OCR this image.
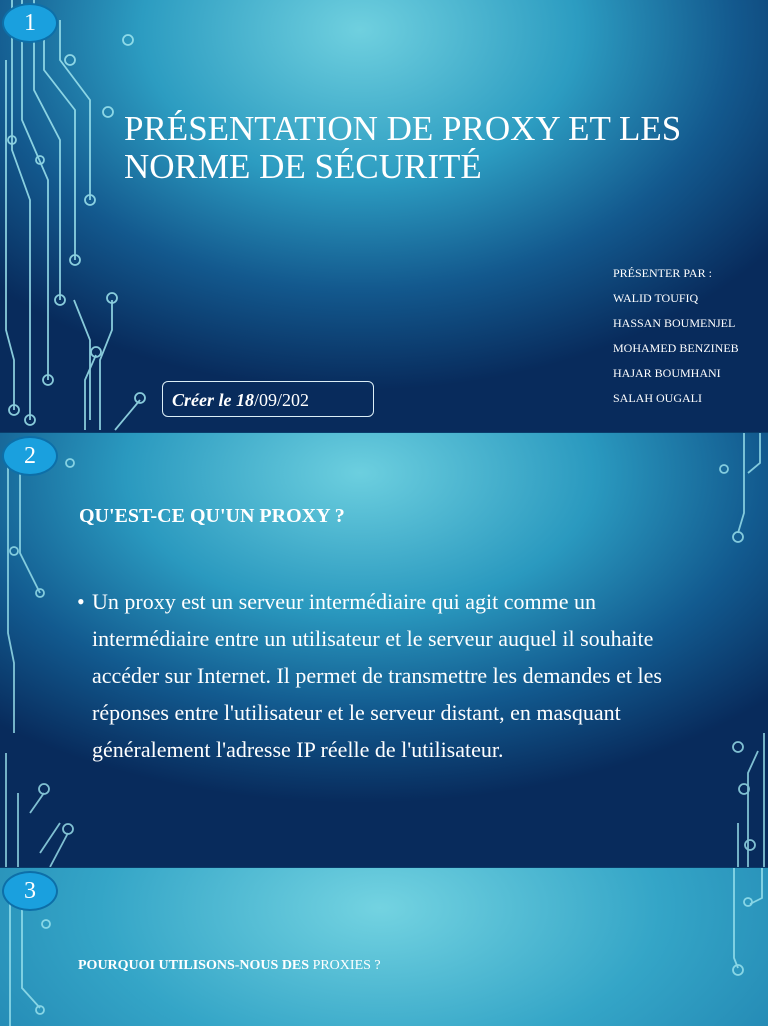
1
PRÉSENTATION DE PROXY ET LES NORME DE SÉCURITÉ
PRÉSENTER PAR :
WALID TOUFIQ
HASSAN BOUMENJEL
MOHAMED BENZINEB
HAJAR BOUMHANI
SALAH OUGALI
Créer le 18/09/202
2
QU'EST-CE QU'UN PROXY ?
• Un proxy est un serveur intermédiaire qui agit comme un intermédiaire entre un utilisateur et le serveur auquel il souhaite accéder sur Internet. Il permet de transmettre les demandes et les réponses entre l'utilisateur et le serveur distant, en masquant généralement l'adresse IP réelle de l'utilisateur.
3
POURQUOI UTILISONS-NOUS DES PROXIES ?
